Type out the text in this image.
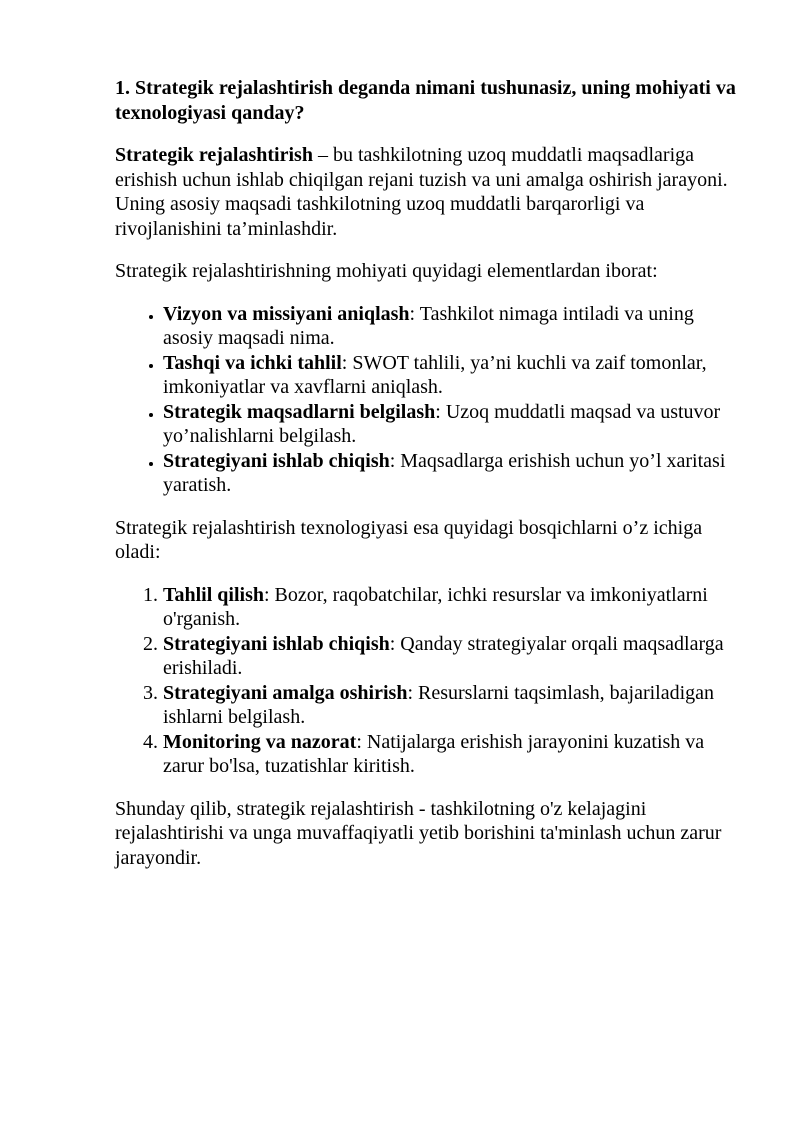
1. Strategik rejalashtirish deganda nimani tushunasiz, uning mohiyati va texnologiyasi qanday?

Strategik rejalashtirish – bu tashkilotning uzoq muddatli maqsadlariga erishish uchun ishlab chiqilgan rejani tuzish va uni amalga oshirish jarayoni. Uning asosiy maqsadi tashkilotning uzoq muddatli barqarorligi va rivojlanishini ta’minlashdir.

Strategik rejalashtirishning mohiyati quyidagi elementlardan iborat:

• Vizyon va missiyani aniqlash: Tashkilot nimaga intiladi va uning asosiy maqsadi nima.
• Tashqi va ichki tahlil: SWOT tahlili, ya’ni kuchli va zaif tomonlar, imkoniyatlar va xavflarni aniqlash.
• Strategik maqsadlarni belgilash: Uzoq muddatli maqsad va ustuvor yo’nalishlarni belgilash.
• Strategiyani ishlab chiqish: Maqsadlarga erishish uchun yo’l xaritasi yaratish.

Strategik rejalashtirish texnologiyasi esa quyidagi bosqichlarni o’z ichiga oladi:

1. Tahlil qilish: Bozor, raqobatchilar, ichki resurslar va imkoniyatlarni o'rganish.
2. Strategiyani ishlab chiqish: Qanday strategiyalar orqali maqsadlarga erishiladi.
3. Strategiyani amalga oshirish: Resurslarni taqsimlash, bajariladigan ishlarni belgilash.
4. Monitoring va nazorat: Natijalarga erishish jarayonini kuzatish va zarur bo'lsa, tuzatishlar kiritish.

Shunday qilib, strategik rejalashtirish - tashkilotning o'z kelajagini rejalashtirishi va unga muvaffaqiyatli yetib borishini ta'minlash uchun zarur jarayondir.
